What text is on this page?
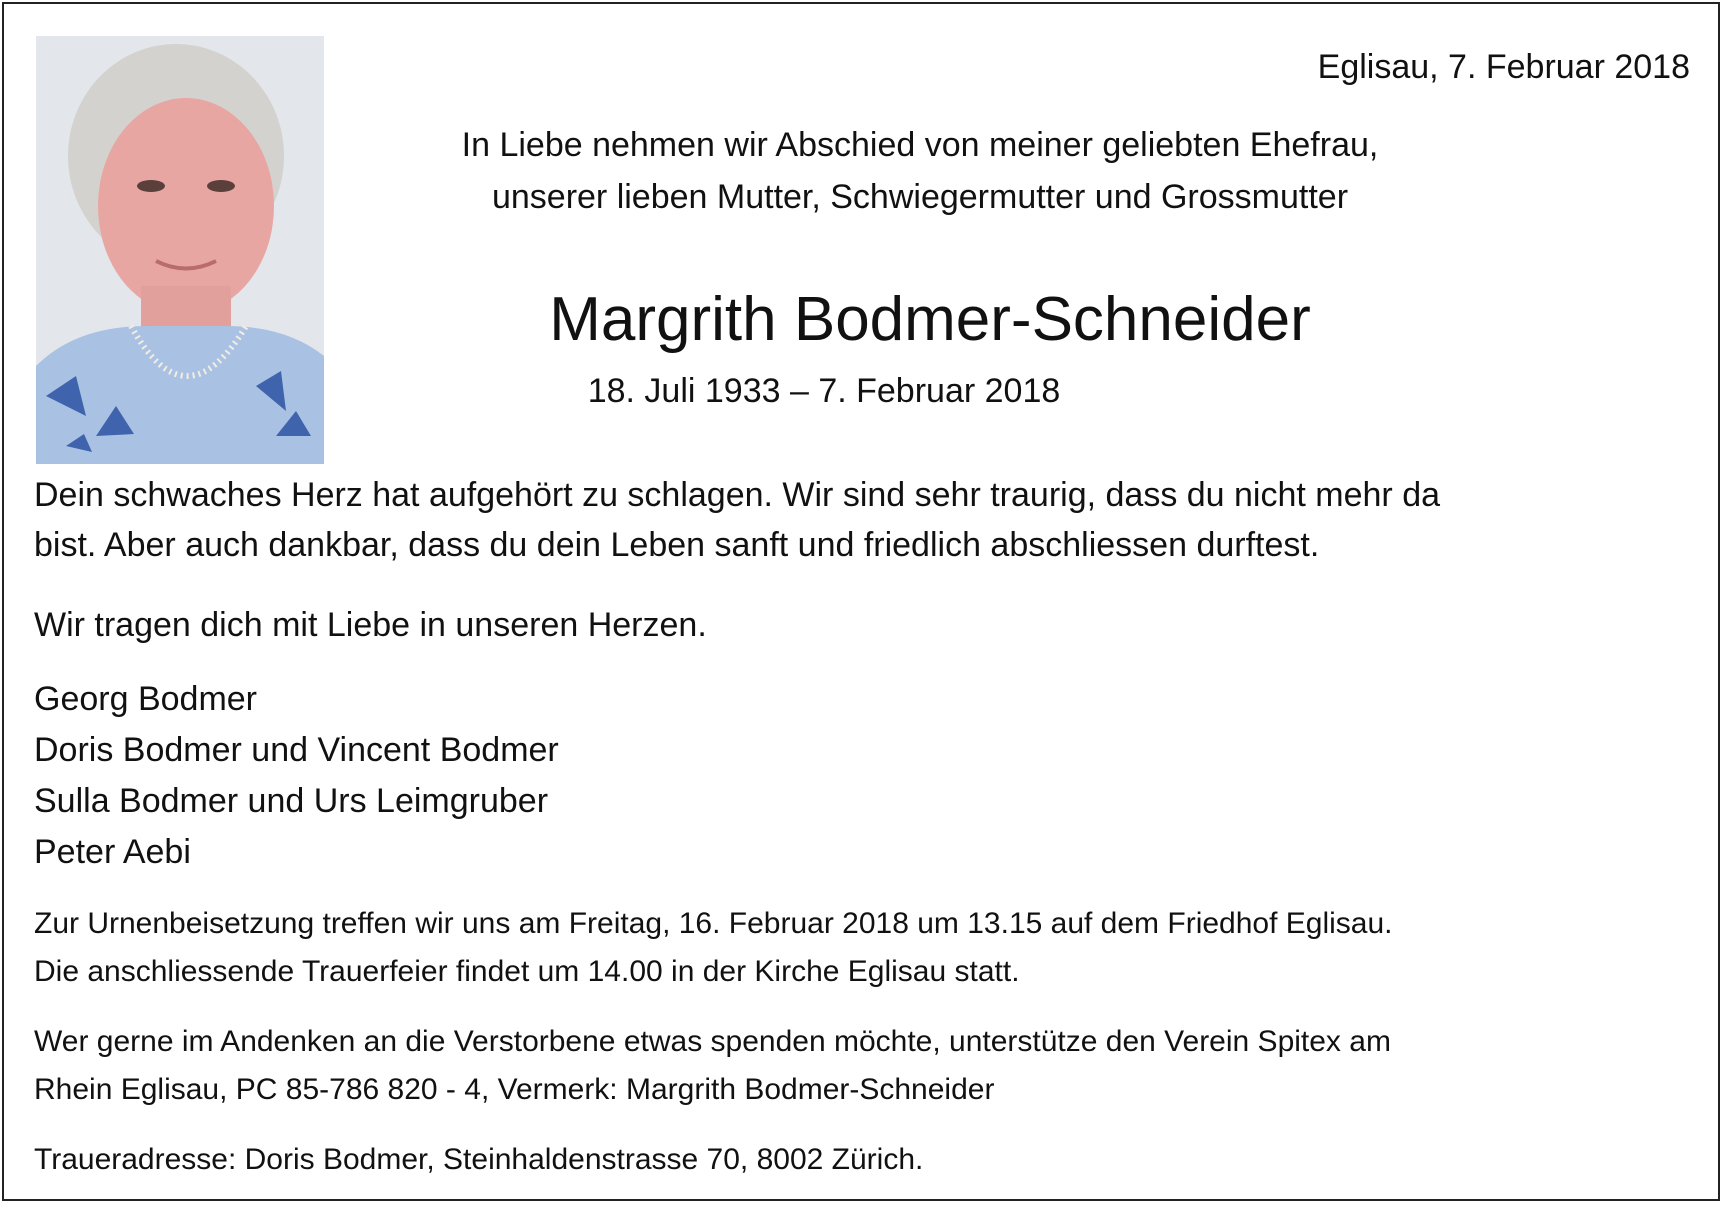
Eglisau, 7. Februar 2018
In Liebe nehmen wir Abschied von meiner geliebten Ehefrau,
unserer lieben Mutter, Schwiegermutter und Grossmutter
Margrith Bodmer-Schneider
18. Juli 1933 – 7. Februar 2018
Dein schwaches Herz hat aufgehört zu schlagen. Wir sind sehr traurig, dass du nicht mehr da
bist. Aber auch dankbar, dass du dein Leben sanft und friedlich abschliessen durftest.
Wir tragen dich mit Liebe in unseren Herzen.
Georg Bodmer
Doris Bodmer und Vincent Bodmer
Sulla Bodmer und Urs Leimgruber
Peter Aebi
Zur Urnenbeisetzung treffen wir uns am Freitag, 16. Februar 2018 um 13.15 auf dem Friedhof Eglisau.
Die anschliessende Trauerfeier findet um 14.00 in der Kirche Eglisau statt.
Wer gerne im Andenken an die Verstorbene etwas spenden möchte, unterstütze den Verein Spitex am
Rhein Eglisau, PC 85-786 820 - 4, Vermerk: Margrith Bodmer-Schneider
Traueradresse: Doris Bodmer, Steinhaldenstrasse 70, 8002 Zürich.
